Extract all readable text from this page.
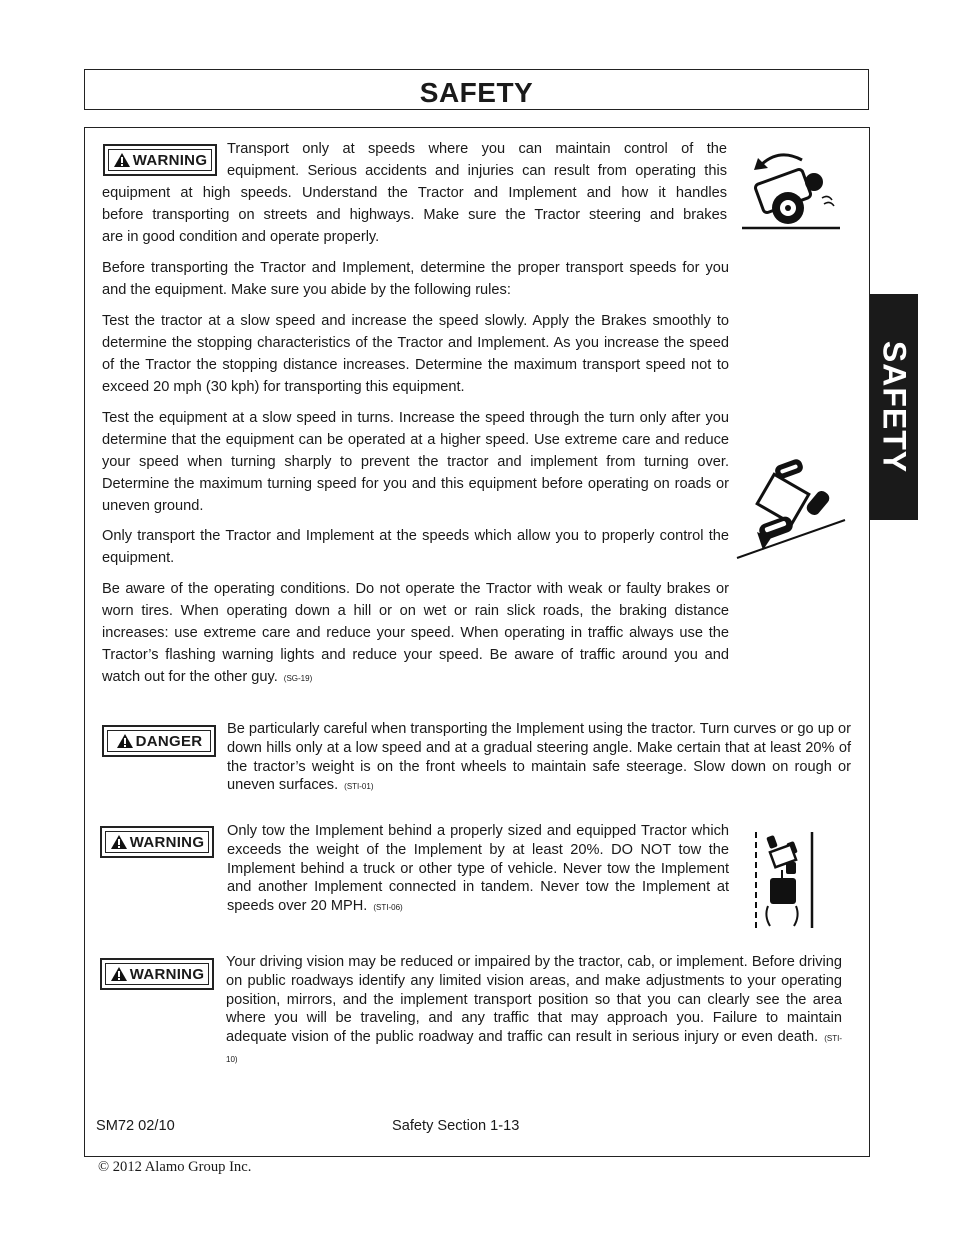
SAFETY
SAFETY
WARNING

Transport only at speeds where you can maintain control of the

equipment. Serious accidents and injuries can result from operating this

equipment at high speeds. Understand the Tractor and Implement and how it handles

before transporting on streets and highways. Make sure the Tractor steering and brakes

are in good condition and operate properly.

Before transporting the Tractor and Implement, determine the proper transport speeds for you and the equipment. Make sure you abide by the following rules:

Test the tractor at a slow speed and increase the speed slowly. Apply the Brakes smoothly to determine the stopping characteristics of the Tractor and Implement. As you increase the speed of the Tractor the stopping distance increases. Determine the maximum transport speed not to exceed 20 mph (30 kph) for transporting this equipment.

Test the equipment at a slow speed in turns. Increase the speed through the turn only after you determine that the equipment can be operated at a higher speed. Use extreme care and reduce your speed when turning sharply to prevent the tractor and implement from turning over. Determine the maximum turning speed for you and this equipment before operating on roads or uneven ground.

Only transport the Tractor and Implement at the speeds which allow you to properly control the equipment.

Be aware of the operating conditions. Do not operate the Tractor with weak or faulty brakes or worn tires. When operating down a hill or on wet or rain slick roads, the braking distance increases: use extreme care and reduce your speed. When operating in traffic always use the Tractor’s flashing warning lights and reduce your speed. Be aware of traffic around you and watch out for the other guy. (SG-19)

DANGER

Be particularly careful when transporting the Implement using the tractor. Turn curves or go up or down hills only at a low speed and at a gradual steering angle. Make certain that at least 20% of the tractor’s weight is on the front wheels to maintain safe steerage. Slow down on rough or uneven surfaces. (STI-01)

WARNING

Only tow the Implement behind a properly sized and equipped Tractor which exceeds the weight of the Implement by at least 20%. DO NOT tow the Implement behind a truck or other type of vehicle. Never tow the Implement and another Implement connected in tandem. Never tow the Implement at speeds over 20 MPH. (STI-06)

WARNING

Your driving vision may be reduced or impaired by the tractor, cab, or implement. Before driving on public roadways identify any limited vision areas, and make adjustments to your operating position, mirrors, and the implement transport position so that you can clearly see the area where you will be traveling, and any traffic that may approach you. Failure to maintain adequate vision of the public roadway and traffic can result in serious injury or even death. (STI-10)

SM72 02/10	Safety Section 1-13
© 2012 Alamo Group Inc.
